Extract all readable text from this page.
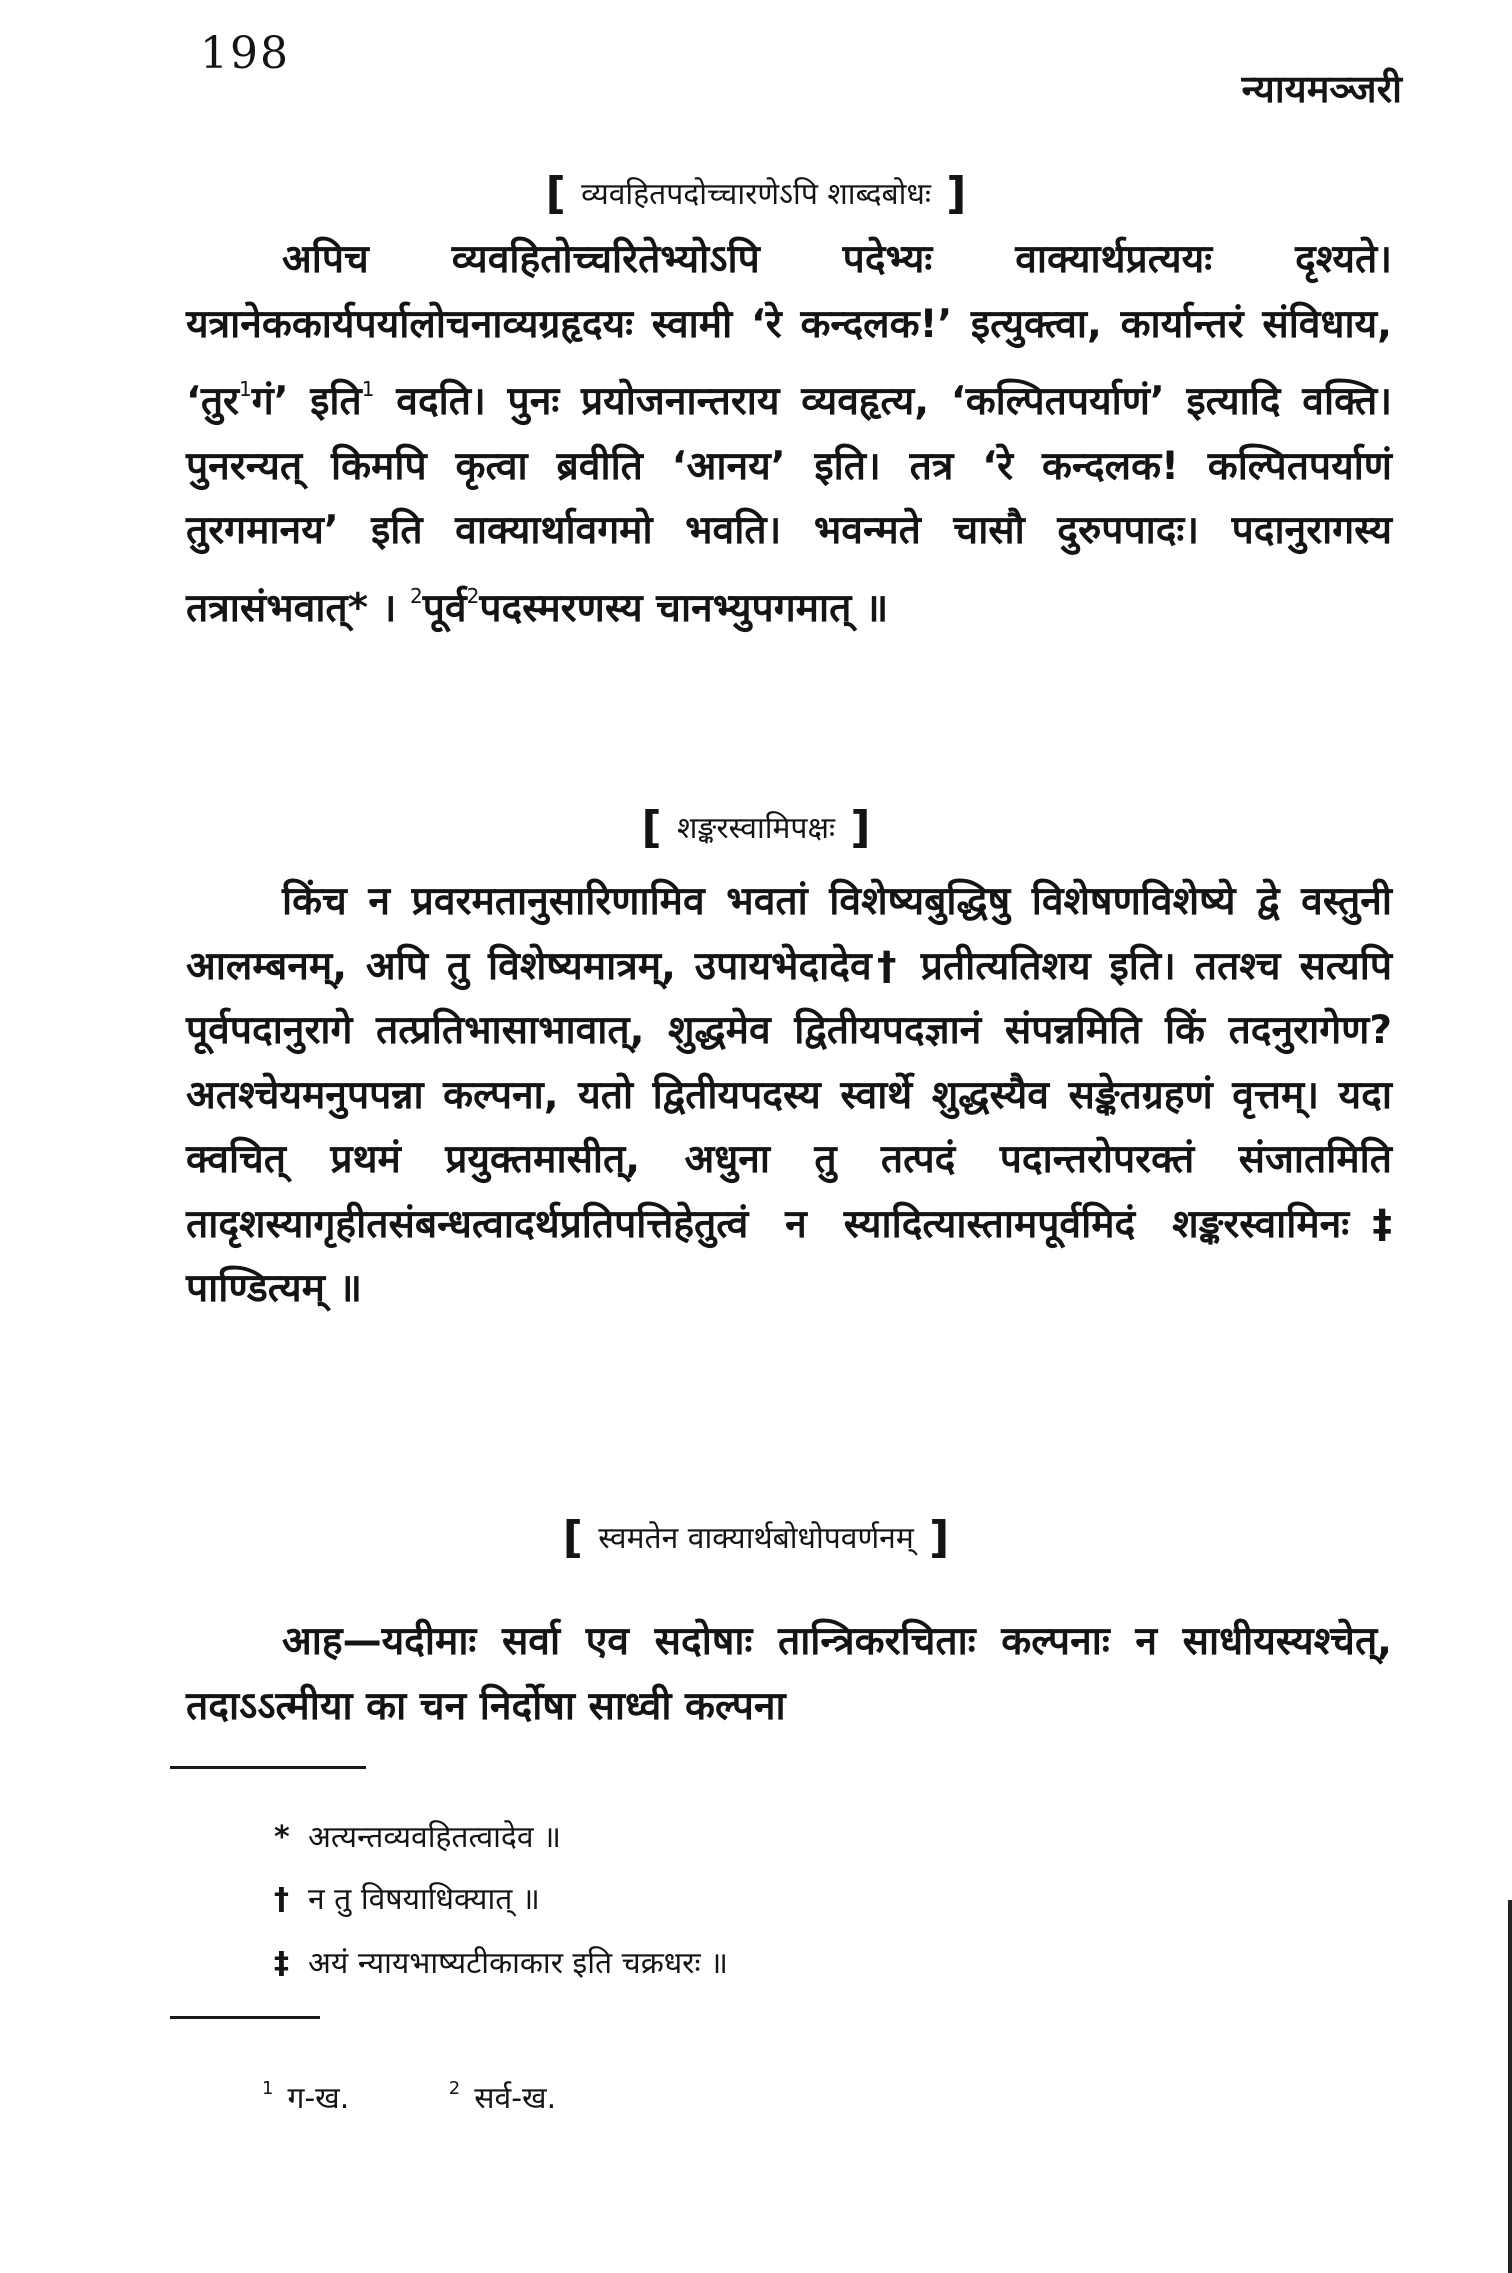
198
न्यायमञ्जरी
[ व्यवहितपदोच्चारणेऽपि शाब्दबोधः ]
अपिच व्यवहितोच्चरितेभ्योऽपि पदेभ्यः वाक्यार्थप्रत्ययः दृश्यते। यत्रानेककार्यपर्यालोचनाव्यग्रहृदयः स्वामी ‘रे कन्दलक!’ इत्युक्त्वा, कार्यान्तरं संविधाय, ‘तुर$^1$गं’ इति$^1$ वदति। पुनः प्रयोजनान्तराय व्यवहृत्य, ‘कल्पितपर्याणं’ इत्यादि वक्ति। पुनरन्यत् किमपि कृत्वा ब्रवीति ‘आनय’ इति। तत्र ‘रे कन्दलक! कल्पितपर्याणं तुरगमानय’ इति वाक्यार्थावगमो भवति। भवन्मते चासौ दुरुपपादः। पदानुरागस्य तत्रासंभवात्* । $^2$पूर्व$^2$पदस्मरणस्य चानभ्युपगमात् ॥
[ शङ्करस्वामिपक्षः ]
किंच न प्रवरमतानुसारिणामिव भवतां विशेष्यबुद्धिषु विशेषणविशेष्ये द्वे वस्तुनी आलम्बनम्, अपि तु विशेष्यमात्रम्, उपायभेदादेव† प्रतीत्यतिशय इति। ततश्च सत्यपि पूर्वपदानुरागे तत्प्रतिभासाभावात्, शुद्धमेव द्वितीयपदज्ञानं संपन्नमिति किं तदनुरागेण? अतश्चेयमनुपपन्ना कल्पना, यतो द्वितीयपदस्य स्वार्थे शुद्धस्यैव सङ्केतग्रहणं वृत्तम्। यदा क्वचित् प्रथमं प्रयुक्तमासीत्, अधुना तु तत्पदं पदान्तरोपरक्तं संजातमिति तादृशस्यागृहीतसंबन्धत्वादर्थप्रतिपत्तिहेतुत्वं न स्यादित्यास्तामपूर्वमिदं शङ्करस्वामिनः‡ पाण्डित्यम् ॥
[ स्वमतेन वाक्यार्थबोधोपवर्णनम् ]
आह—यदीमाः सर्वा एव सदोषाः तान्त्रिकरचिताः कल्पनाः न साधीयस्यश्चेत्, तदाऽऽत्मीया का चन निर्दोषा साध्वी कल्पना
* अत्यन्तव्यवहितत्वादेव ॥
† न तु विषयाधिक्यात् ॥
‡ अयं न्यायभाष्यटीकाकार इति चक्रधरः ॥
$^1$ ग-ख.	$^2$ सर्व-ख.
